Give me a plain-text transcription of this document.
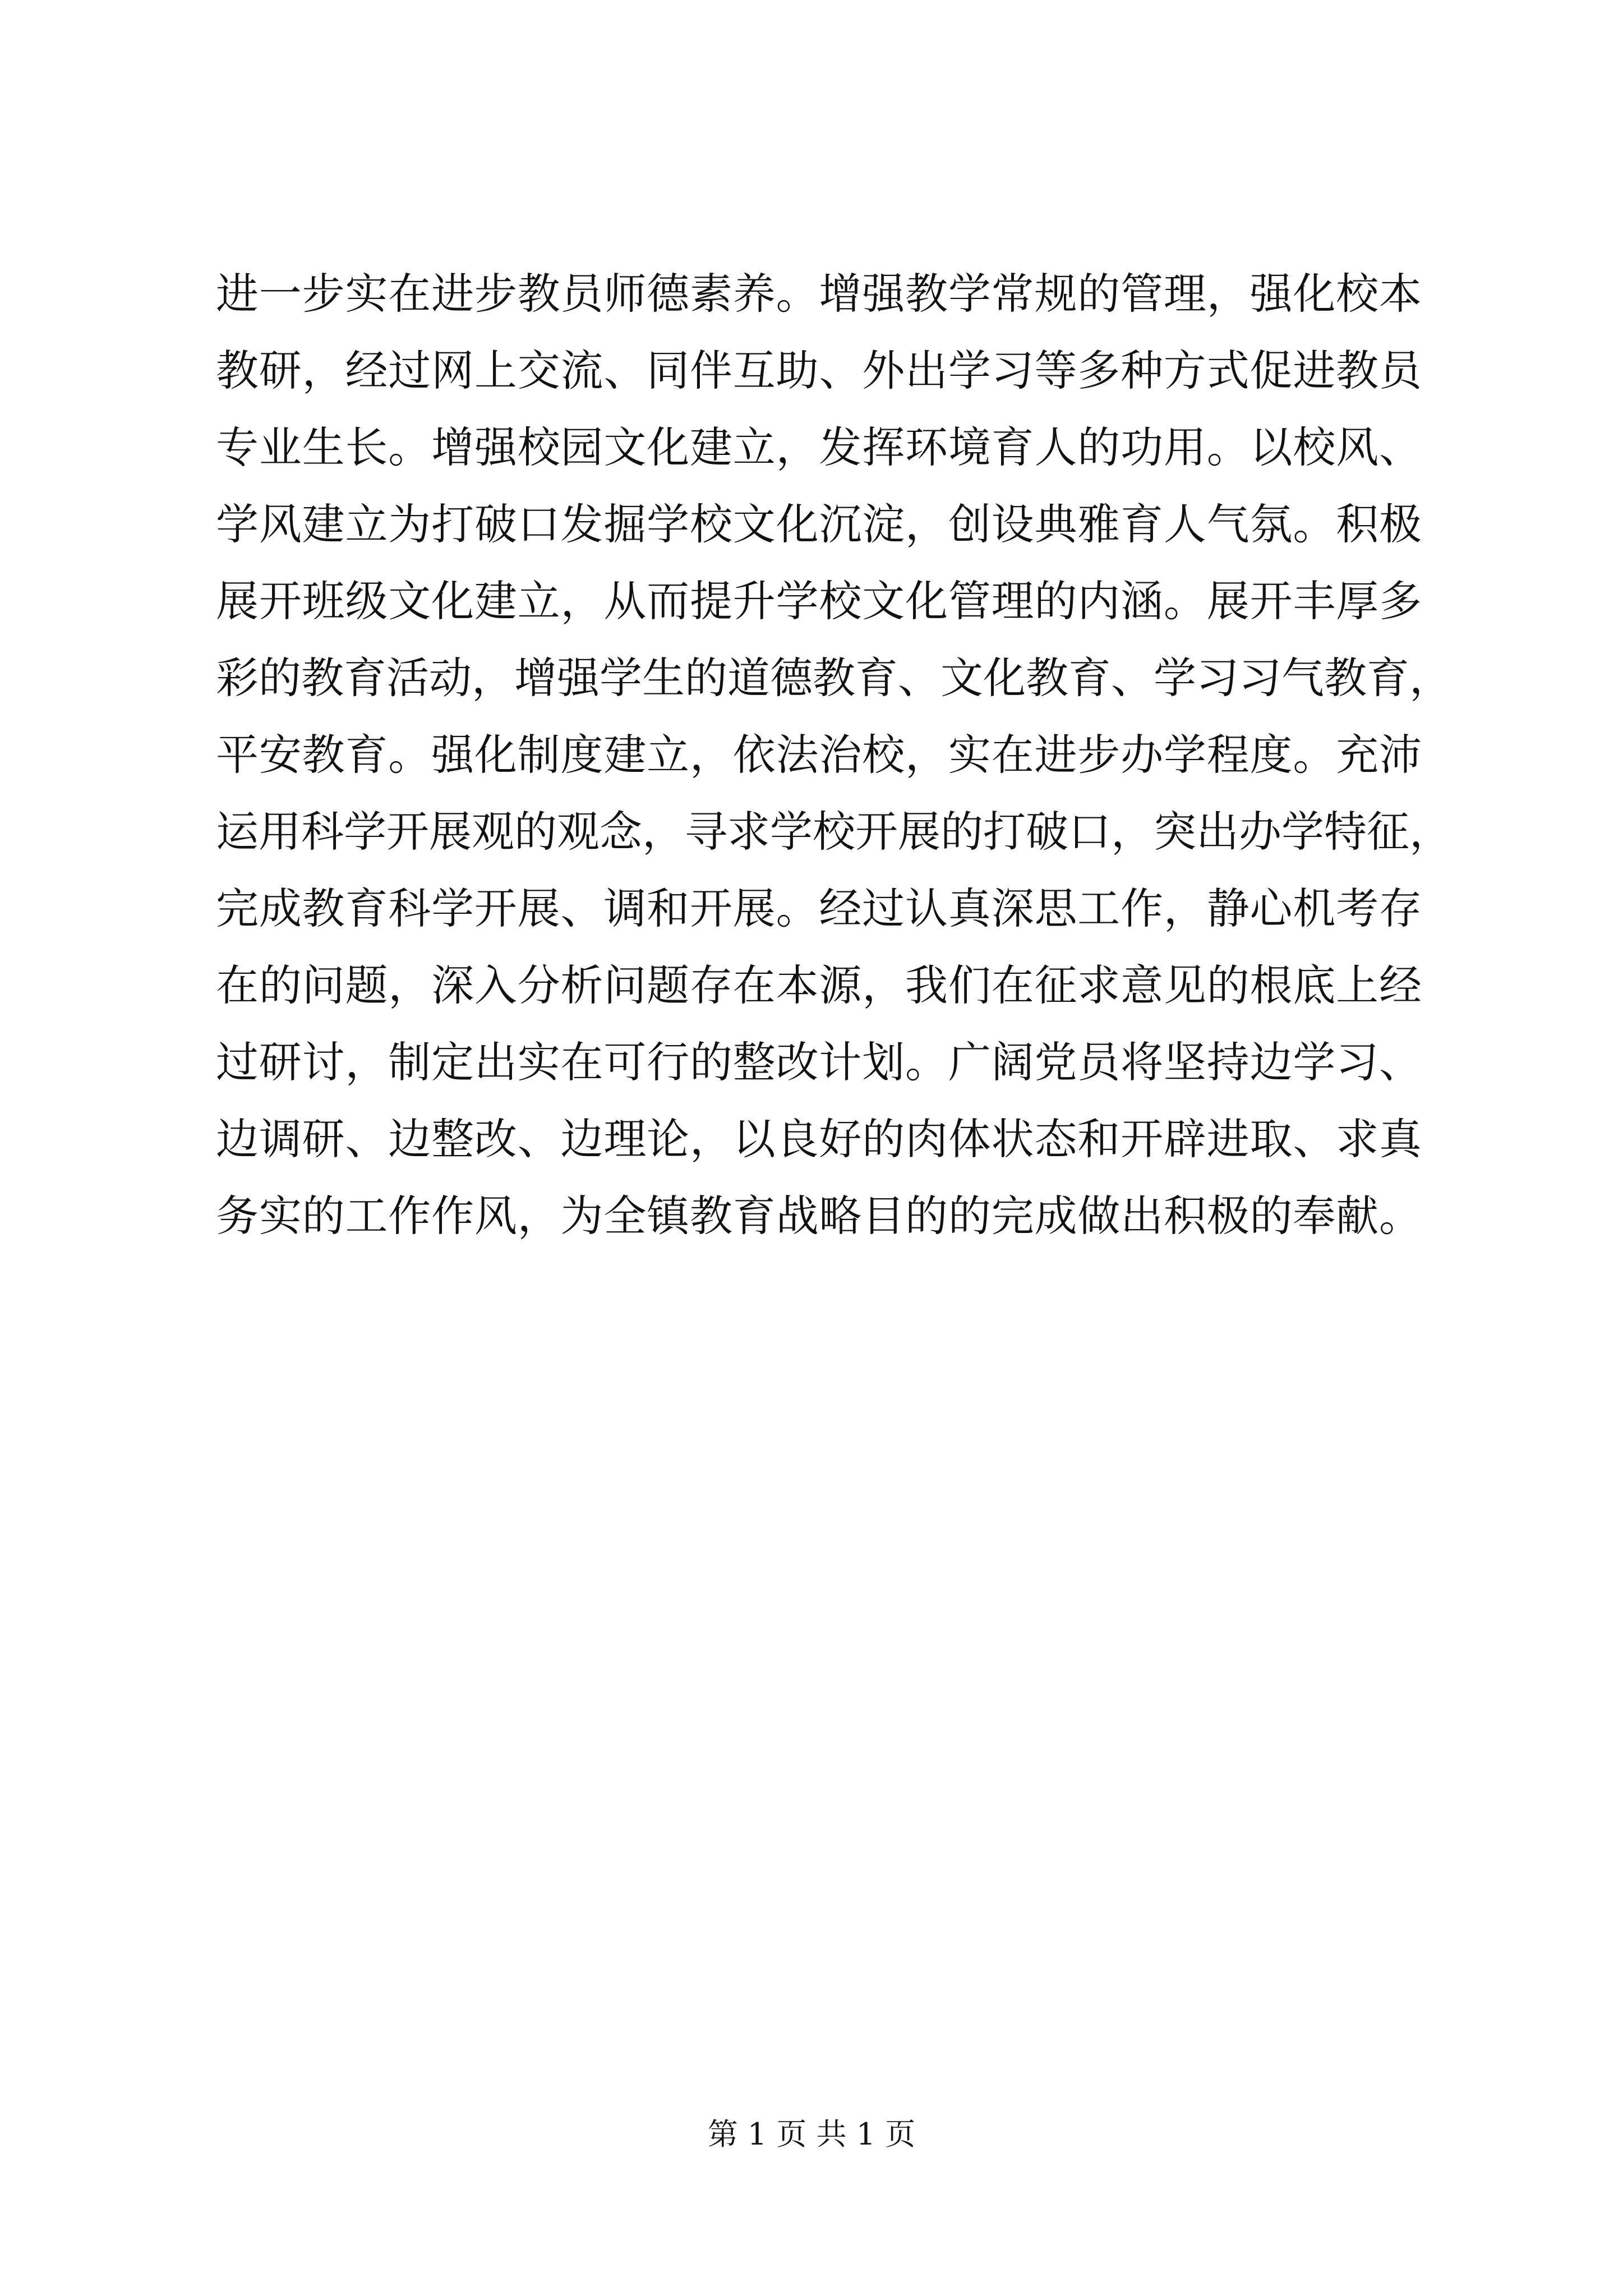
进一步实在进步教员师德素养。增强教学常规的管理，强化校本
教研，经过网上交流、同伴互助、外出学习等多种方式促进教员
专业生长。增强校园文化建立，发挥环境育人的功用。以校风、
学风建立为打破口发掘学校文化沉淀，创设典雅育人气氛。积极
展开班级文化建立，从而提升学校文化管理的内涵。展开丰厚多
彩的教育活动，增强学生的道德教育、文化教育、学习习气教育，
平安教育。强化制度建立，依法治校，实在进步办学程度。充沛
运用科学开展观的观念，寻求学校开展的打破口，突出办学特征，
完成教育科学开展、调和开展。经过认真深思工作，静心机考存
在的问题，深入分析问题存在本源，我们在征求意见的根底上经
过研讨，制定出实在可行的整改计划。广阔党员将坚持边学习、
边调研、边整改、边理论，以良好的肉体状态和开辟进取、求真
务实的工作作风，为全镇教育战略目的的完成做出积极的奉献。
第 1 页 共 1 页
